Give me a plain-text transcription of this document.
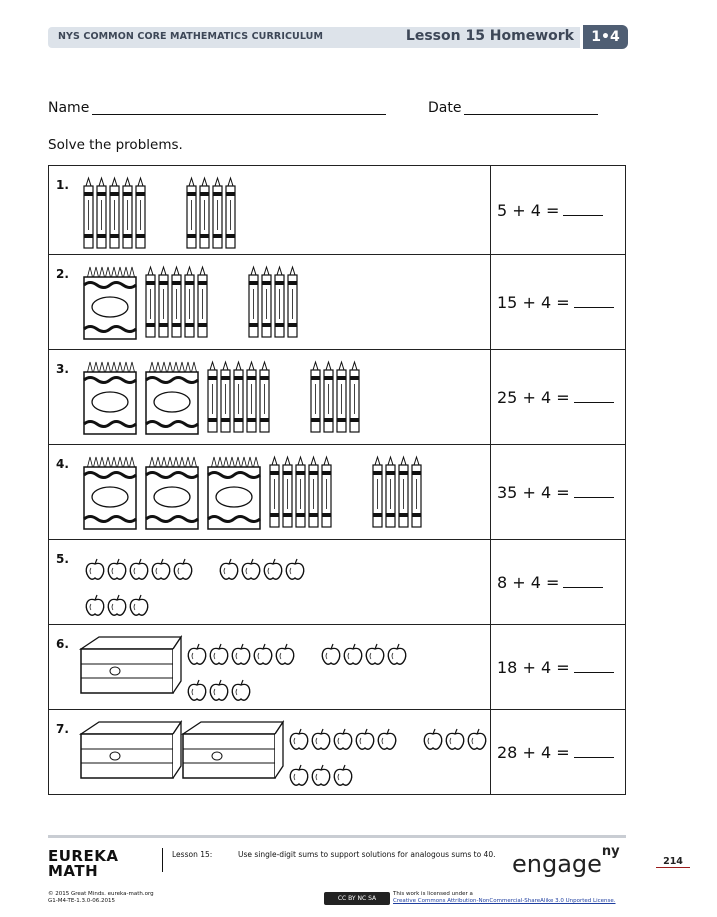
NYS COMMON CORE MATHEMATICS CURRICULUM	Lesson 15 Homework	1•4
Name	Date
Solve the problems.
1.
5 + 4 =
2.
15 + 4 =
3.
25 + 4 =
4.
35 + 4 =
5.
8 + 4 =
6.
18 + 4 =
7.
28 + 4 =
EUREKA
MATH
Lesson 15:	Use single-digit sums to support solutions for analogous sums to 40. engage$^{ny}$
214
© 2015 Great Minds. eureka-math.org
G1-M4-TE-1.3.0-06.2015	CC BY NC SA
This work is licensed under a
Creative Commons Attribution-NonCommercial-ShareAlike 3.0 Unported License.
